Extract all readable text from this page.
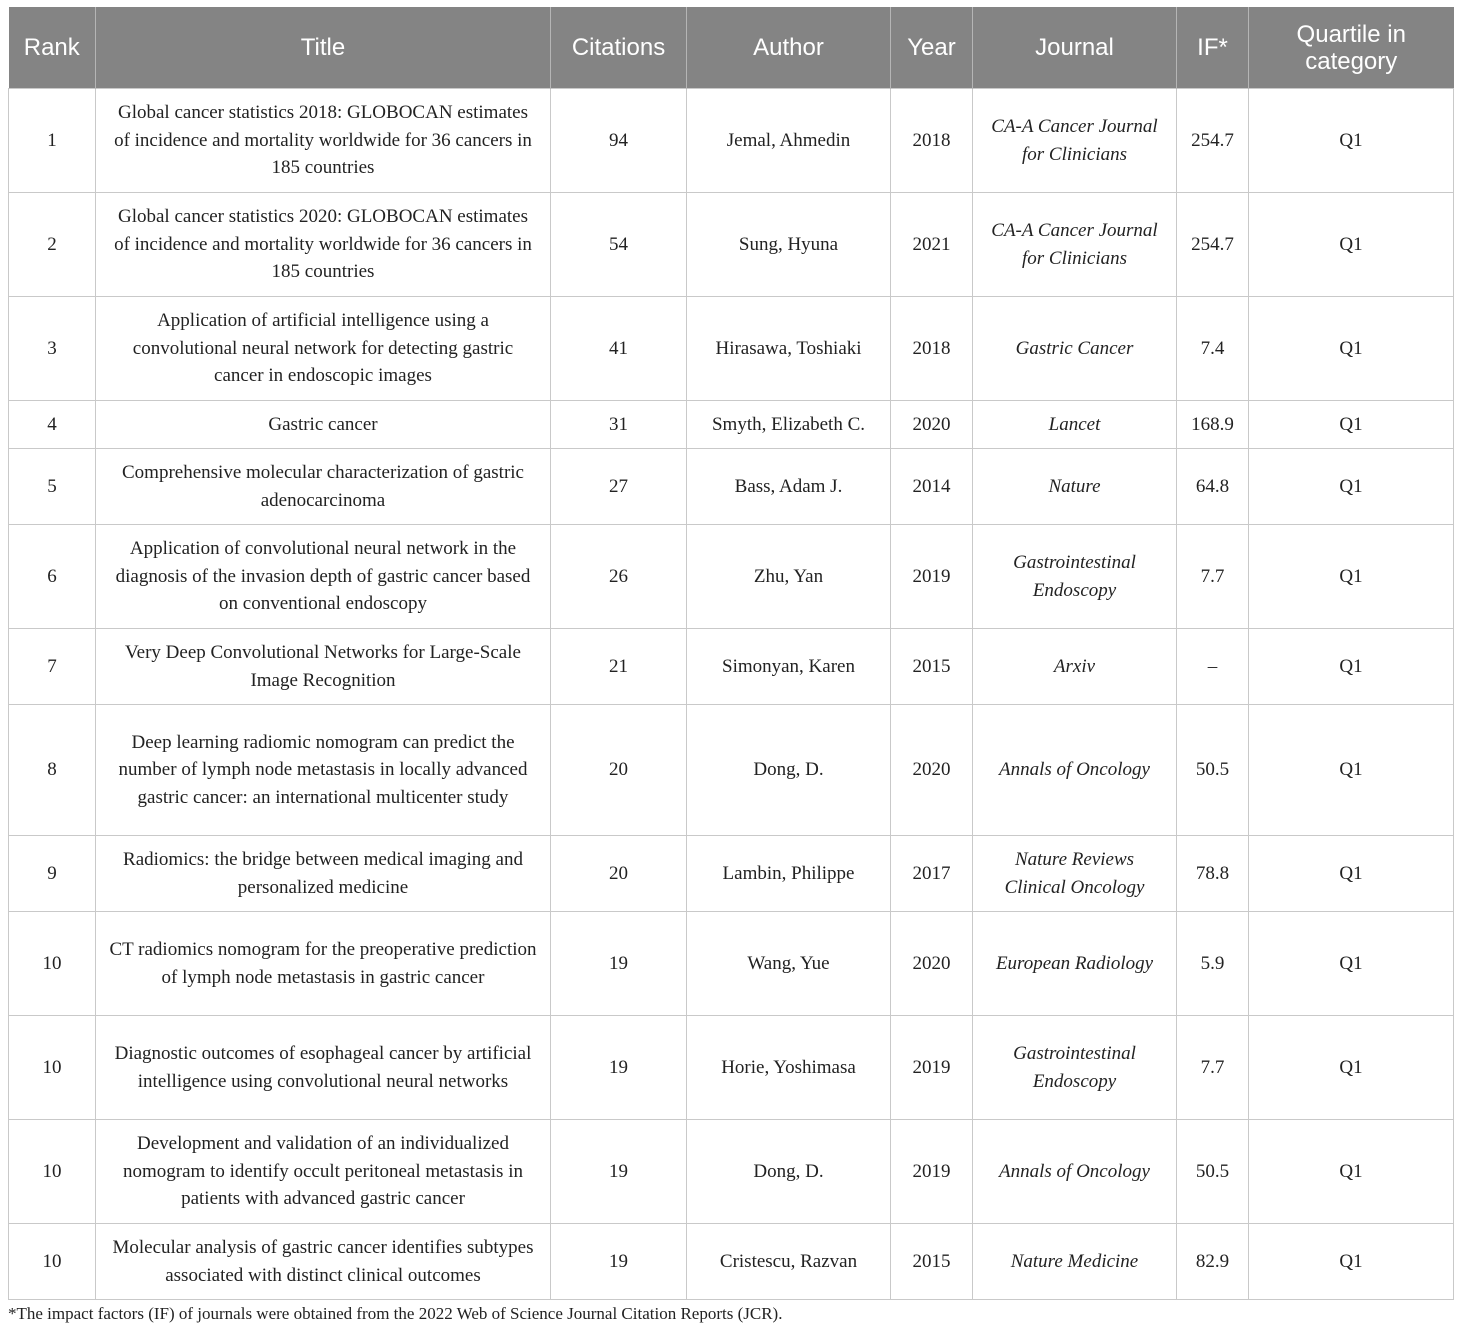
Rank	Title	Citations	Author	Year	Journal	IF*	Quartile in category
1	Global cancer statistics 2018: GLOBOCAN estimates of incidence and mortality worldwide for 36 cancers in 185 countries	94	Jemal, Ahmedin	2018	CA-A Cancer Journal for Clinicians	254.7	Q1
2	Global cancer statistics 2020: GLOBOCAN estimates of incidence and mortality worldwide for 36 cancers in 185 countries	54	Sung, Hyuna	2021	CA-A Cancer Journal for Clinicians	254.7	Q1
3	Application of artificial intelligence using a convolutional neural network for detecting gastric cancer in endoscopic images	41	Hirasawa, Toshiaki	2018	Gastric Cancer	7.4	Q1
4	Gastric cancer	31	Smyth, Elizabeth C.	2020	Lancet	168.9	Q1
5	Comprehensive molecular characterization of gastric adenocarcinoma	27	Bass, Adam J.	2014	Nature	64.8	Q1
6	Application of convolutional neural network in the diagnosis of the invasion depth of gastric cancer based on conventional endoscopy	26	Zhu, Yan	2019	Gastrointestinal Endoscopy	7.7	Q1
7	Very Deep Convolutional Networks for Large-Scale Image Recognition	21	Simonyan, Karen	2015	Arxiv	–	Q1
8	Deep learning radiomic nomogram can predict the number of lymph node metastasis in locally advanced gastric cancer: an international multicenter study	20	Dong, D.	2020	Annals of Oncology	50.5	Q1
9	Radiomics: the bridge between medical imaging and personalized medicine	20	Lambin, Philippe	2017	Nature Reviews Clinical Oncology	78.8	Q1
10	CT radiomics nomogram for the preoperative prediction of lymph node metastasis in gastric cancer	19	Wang, Yue	2020	European Radiology	5.9	Q1
10	Diagnostic outcomes of esophageal cancer by artificial intelligence using convolutional neural networks	19	Horie, Yoshimasa	2019	Gastrointestinal Endoscopy	7.7	Q1
10	Development and validation of an individualized nomogram to identify occult peritoneal metastasis in patients with advanced gastric cancer	19	Dong, D.	2019	Annals of Oncology	50.5	Q1
10	Molecular analysis of gastric cancer identifies subtypes associated with distinct clinical outcomes	19	Cristescu, Razvan	2015	Nature Medicine	82.9	Q1
*The impact factors (IF) of journals were obtained from the 2022 Web of Science Journal Citation Reports (JCR).
